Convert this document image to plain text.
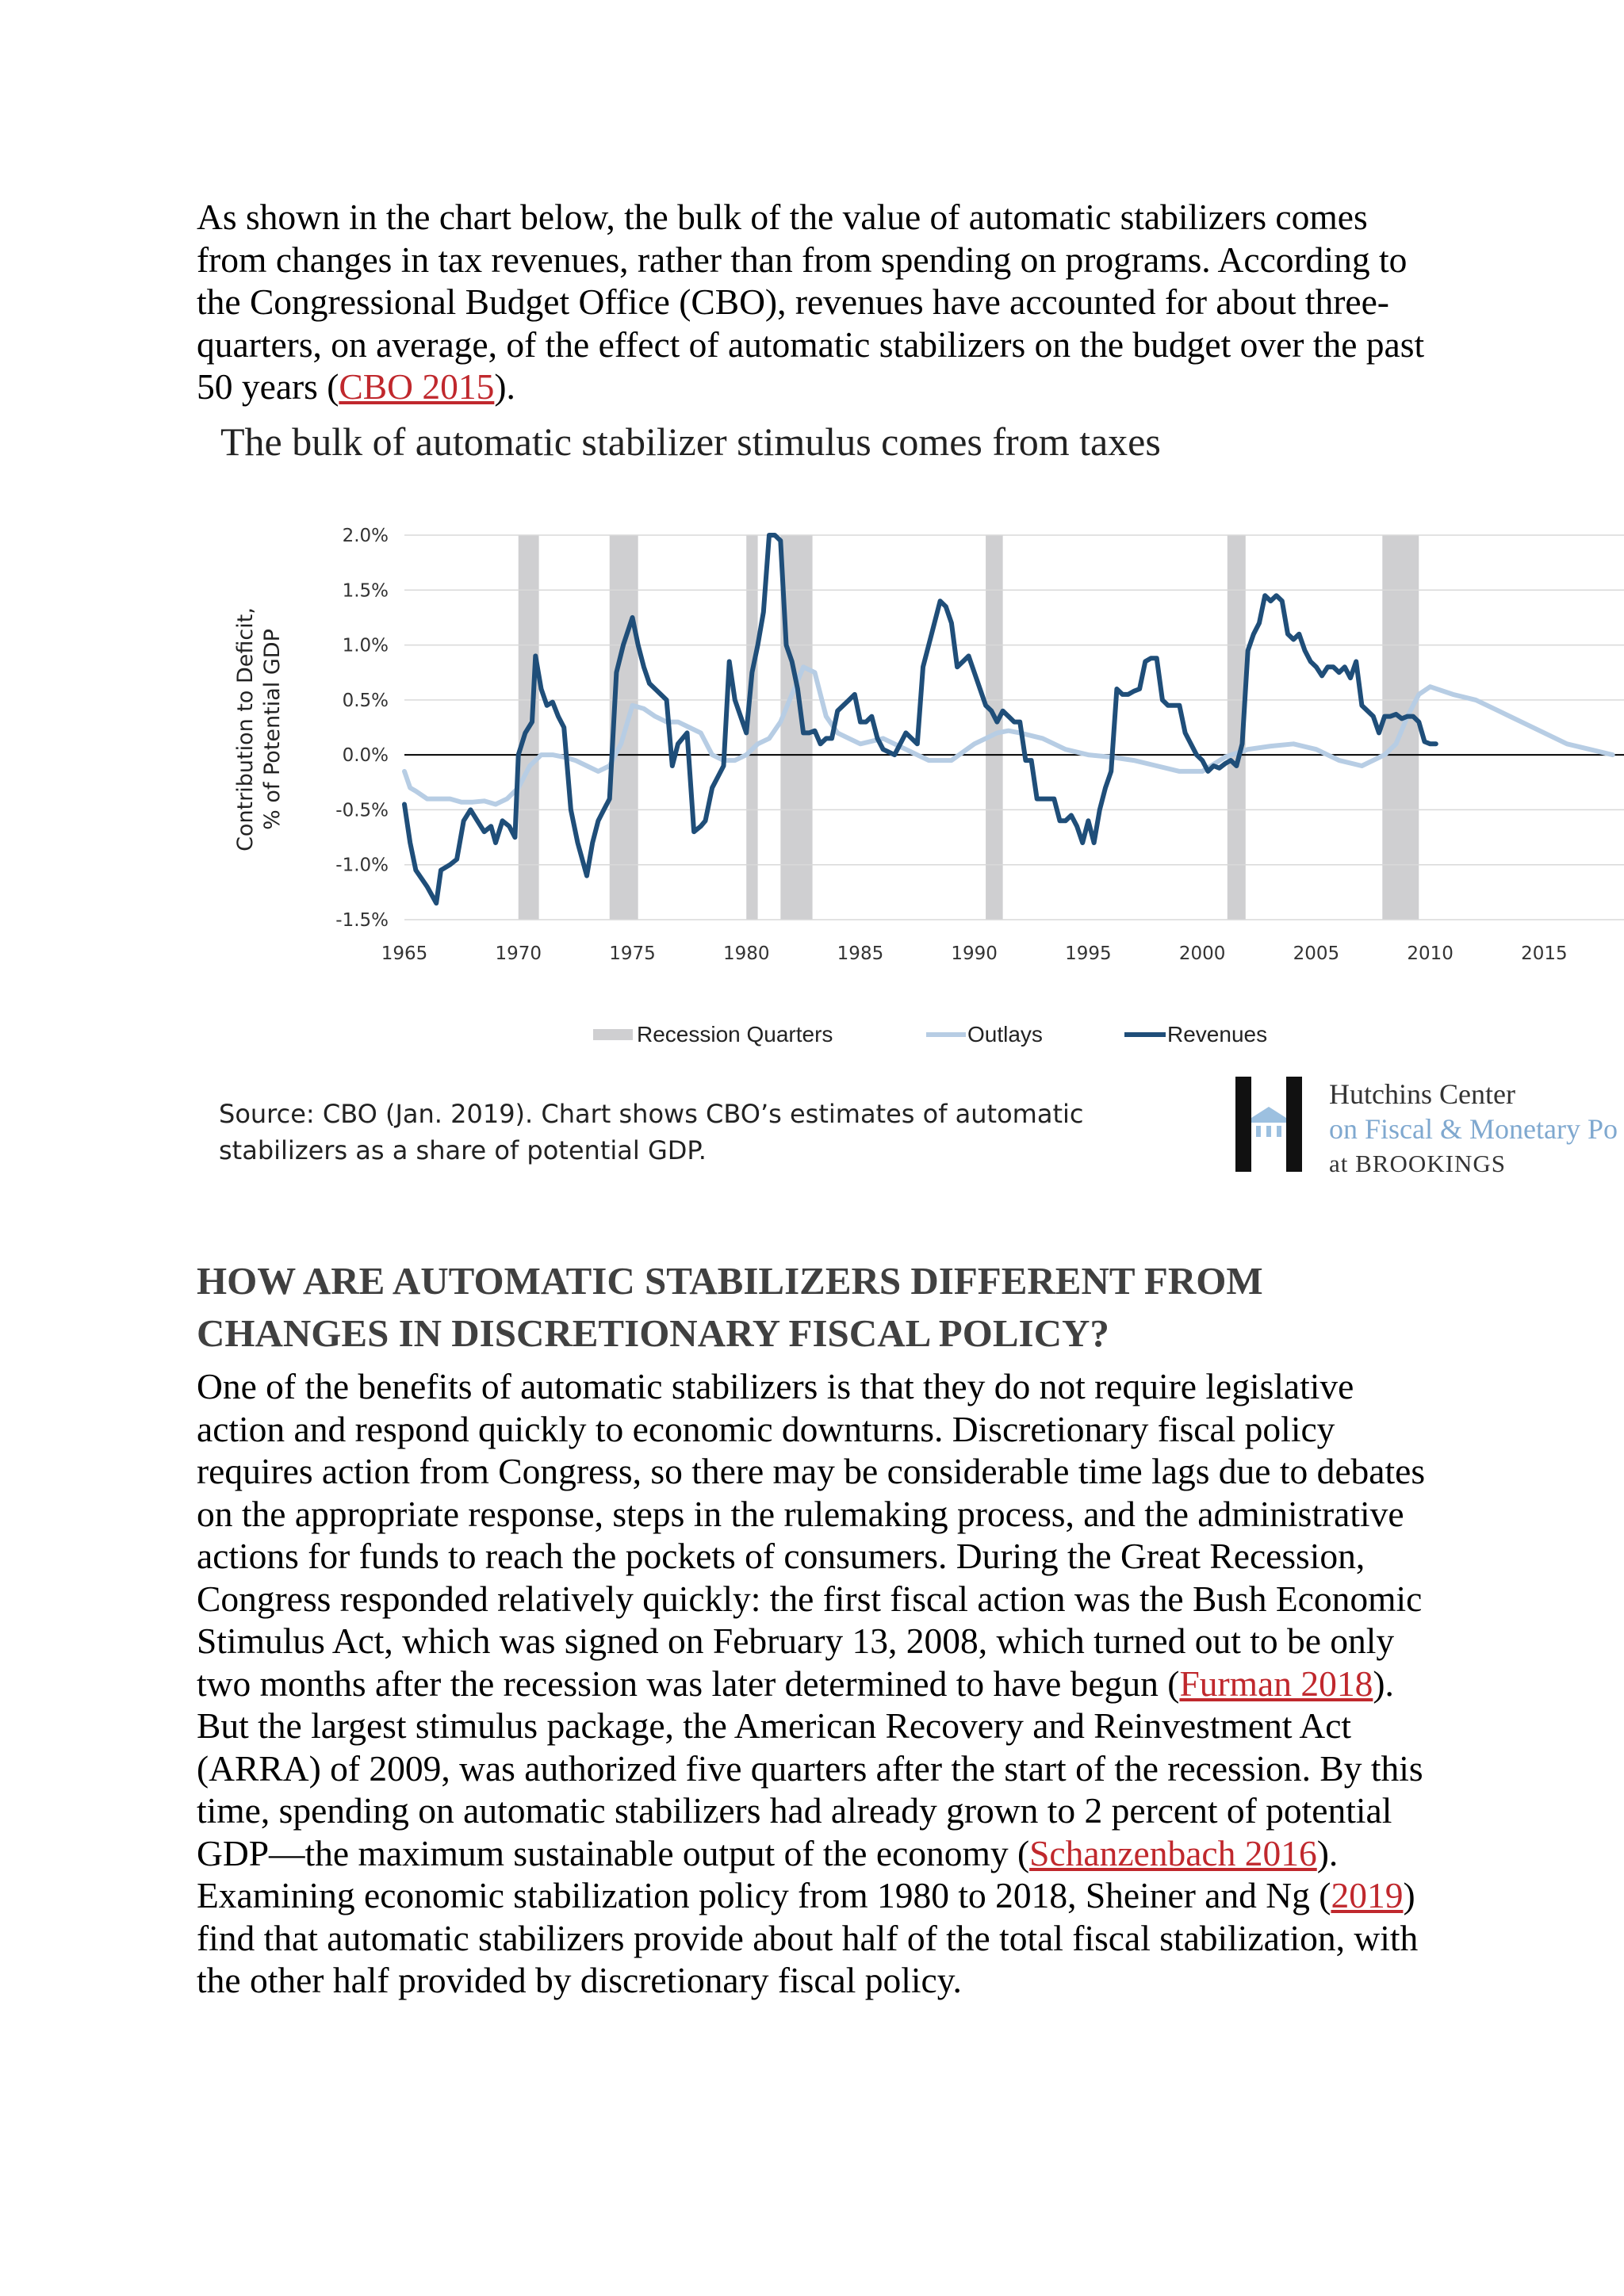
As shown in the chart below, the bulk of the value of automatic stabilizers comes from changes in tax revenues, rather than from spending on programs. According to the Congressional Budget Office (CBO), revenues have accounted for about three-quarters, on average, of the effect of automatic stabilizers on the budget over the past 50 years (CBO 2015).

The bulk of automatic stabilizer stimulus comes from taxes
2.0%
1.5%
1.0%
0.5%
0.0%
-0.5%
-1.0%
-1.5%
1965	1970	1975	1980	1985	1990	1995	2000	2005	2010	2015
Contribution to Deficit, % of Potential GDP
Recession Quarters	Outlays	Revenues
Source: CBO (Jan. 2019). Chart shows CBO’s estimates of automatic stabilizers as a share of potential GDP.
Hutchins Center
on Fiscal & Monetary Po
at BROOKINGS
HOW ARE AUTOMATIC STABILIZERS DIFFERENT FROM CHANGES IN DISCRETIONARY FISCAL POLICY?

One of the benefits of automatic stabilizers is that they do not require legislative action and respond quickly to economic downturns. Discretionary fiscal policy requires action from Congress, so there may be considerable time lags due to debates on the appropriate response, steps in the rulemaking process, and the administrative actions for funds to reach the pockets of consumers. During the Great Recession, Congress responded relatively quickly: the first fiscal action was the Bush Economic Stimulus Act, which was signed on February 13, 2008, which turned out to be only two months after the recession was later determined to have begun (Furman 2018). But the largest stimulus package, the American Recovery and Reinvestment Act (ARRA) of 2009, was authorized five quarters after the start of the recession. By this time, spending on automatic stabilizers had already grown to 2 percent of potential GDP—the maximum sustainable output of the economy (Schanzenbach 2016). Examining economic stabilization policy from 1980 to 2018, Sheiner and Ng (2019) find that automatic stabilizers provide about half of the total fiscal stabilization, with the other half provided by discretionary fiscal policy.
